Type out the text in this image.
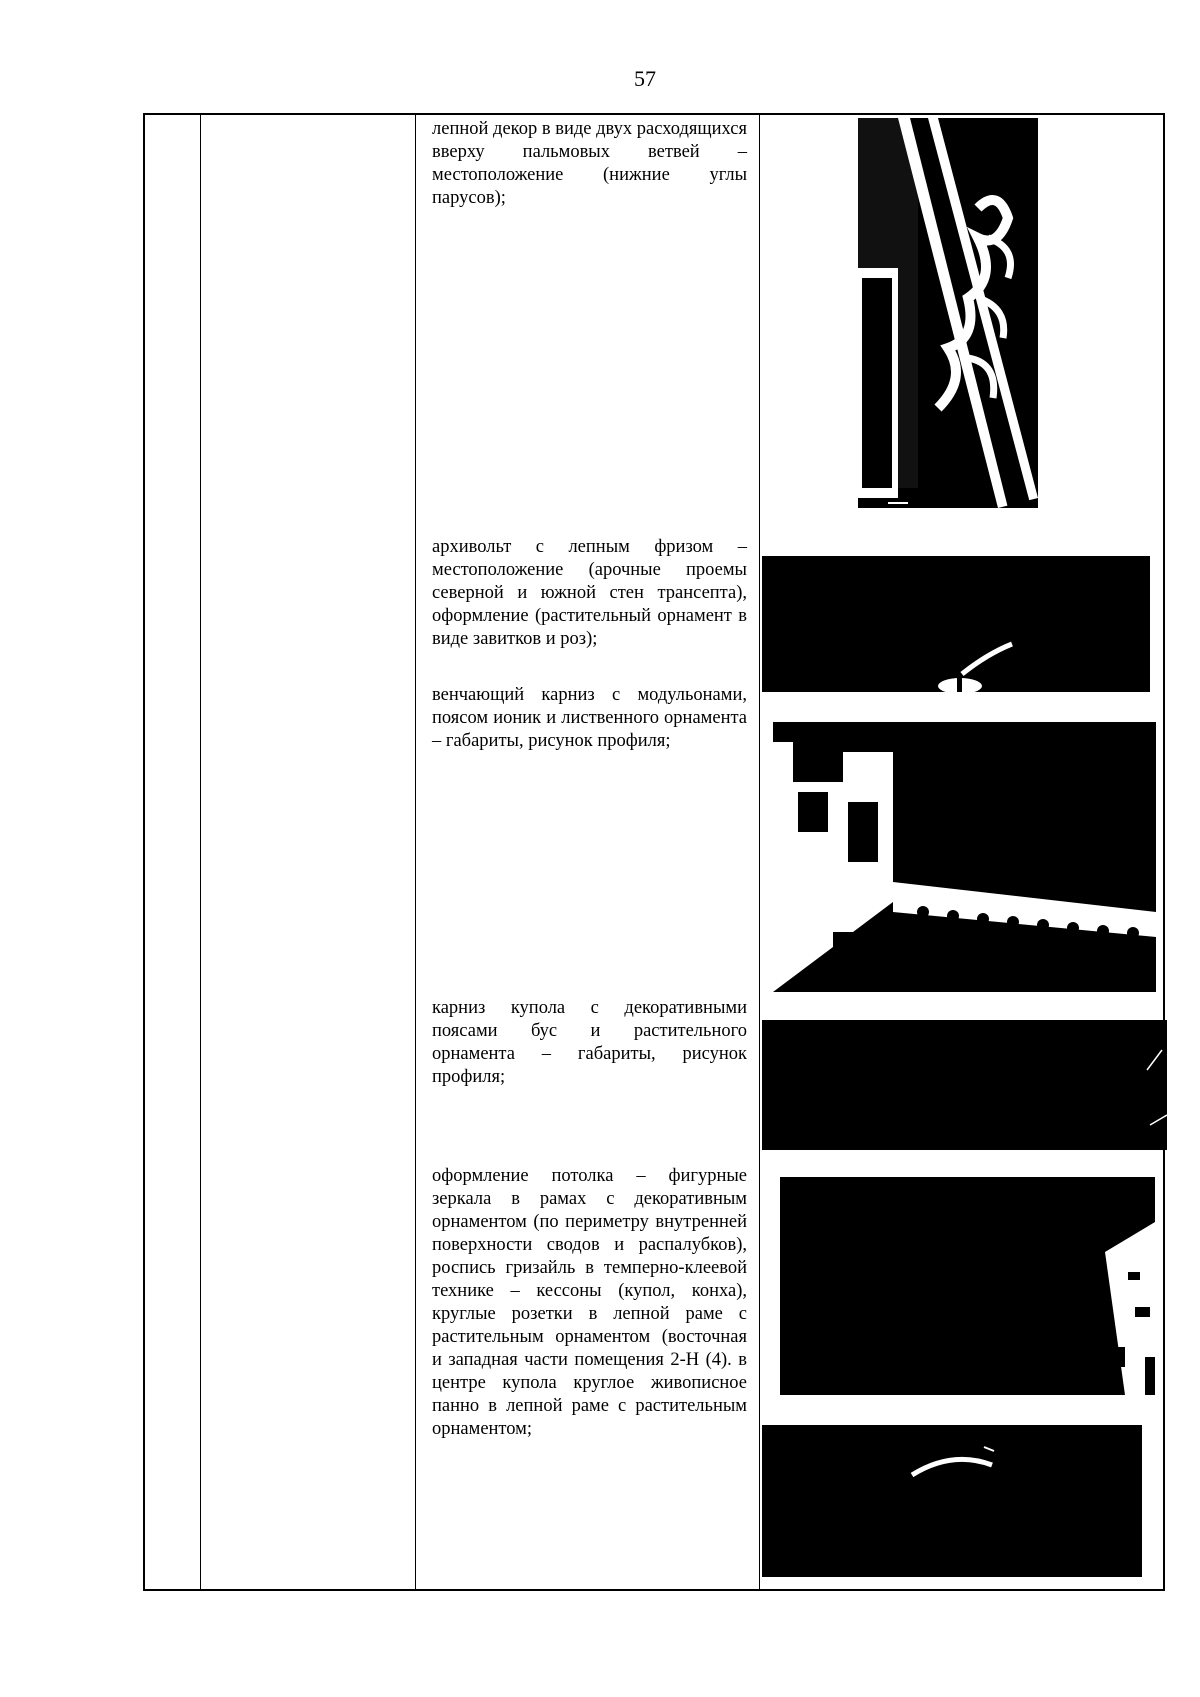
57
лепной декор в виде двух расходящихся вверху пальмовых ветвей – местоположение (нижние углы парусов);
архивольт с лепным фризом – местоположение (арочные проемы северной и южной стен трансепта), оформление (растительный орнамент в виде завитков и роз);
венчающий карниз с модульонами, поясом ионик и лиственного орнамента – габариты, рисунок профиля;
карниз купола с декоративными поясами бус и растительного орнамента – габариты, рисунок профиля;
оформление потолка – фигурные зеркала в рамах с декоративным орнаментом (по периметру внутренней поверхности сводов и распалубков), роспись гризайль в темперно-клеевой технике – кессоны (купол, конха), круглые розетки в лепной раме с растительным орнаментом (восточная и западная части помещения 2-Н (4). в центре купола круглое живописное панно в лепной раме с растительным орнаментом;
